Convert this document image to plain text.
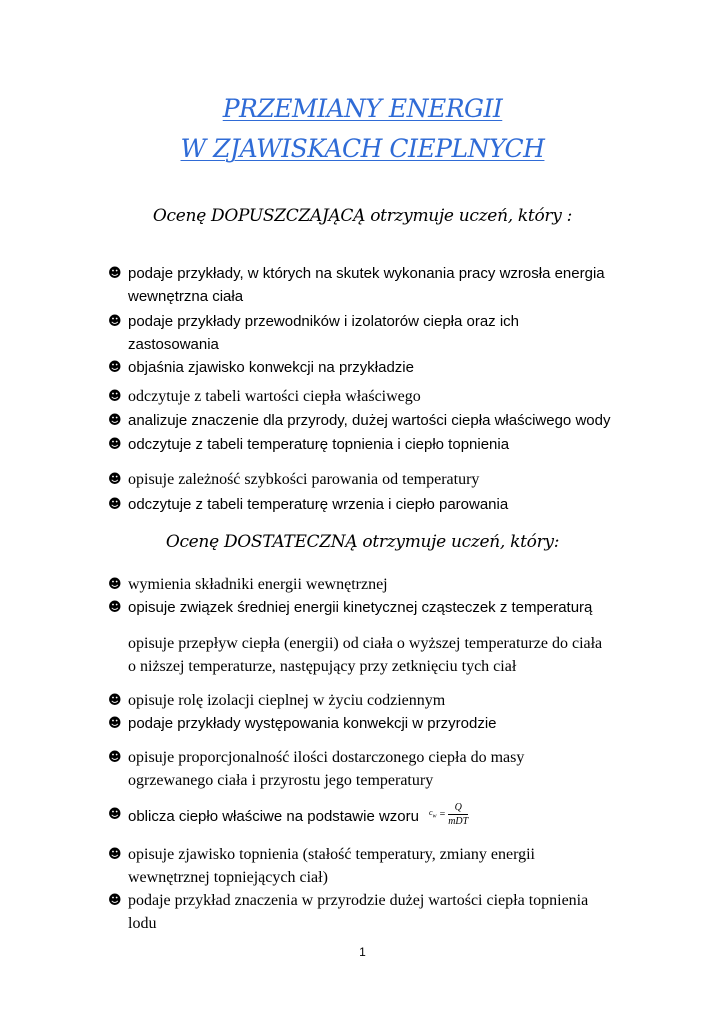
PRZEMIANY ENERGII
W ZJAWISKACH CIEPLNYCH
Ocenę DOPUSZCZAJĄCĄ otrzymuje uczeń, który :
☻ podaje przykłady, w których na skutek wykonania pracy wzrosła energia
wewnętrzna ciała
☻ podaje przykłady przewodników i izolatorów ciepła oraz ich
zastosowania
☻ objaśnia zjawisko konwekcji na przykładzie
☻ odczytuje z tabeli wartości ciepła właściwego
☻ analizuje znaczenie dla przyrody, dużej wartości ciepła właściwego wody
☻ odczytuje z tabeli temperaturę topnienia i ciepło topnienia
☻ opisuje zależność szybkości parowania od temperatury
☻ odczytuje z tabeli temperaturę wrzenia i ciepło parowania
Ocenę DOSTATECZNĄ otrzymuje uczeń, który:
☻ wymienia składniki energii wewnętrznej
☻ opisuje związek średniej energii kinetycznej cząsteczek z temperaturą
opisuje przepływ ciepła (energii) od ciała o wyższej temperaturze do ciała
o niższej temperaturze, następujący przy zetknięciu tych ciał
☻ opisuje rolę izolacji cieplnej w życiu codziennym
☻ podaje przykłady występowania konwekcji w przyrodzie
☻ opisuje proporcjonalność ilości dostarczonego ciepła do masy
ogrzewanego ciała i przyrostu jego temperatury
☻ oblicza ciepło właściwe na podstawie wzoru $c_w = \frac{Q}{\text{mDT}}$
☻ opisuje zjawisko topnienia (stałość temperatury, zmiany energii
wewnętrznej topniejących ciał)
☻ podaje przykład znaczenia w przyrodzie dużej wartości ciepła topnienia
lodu
1
